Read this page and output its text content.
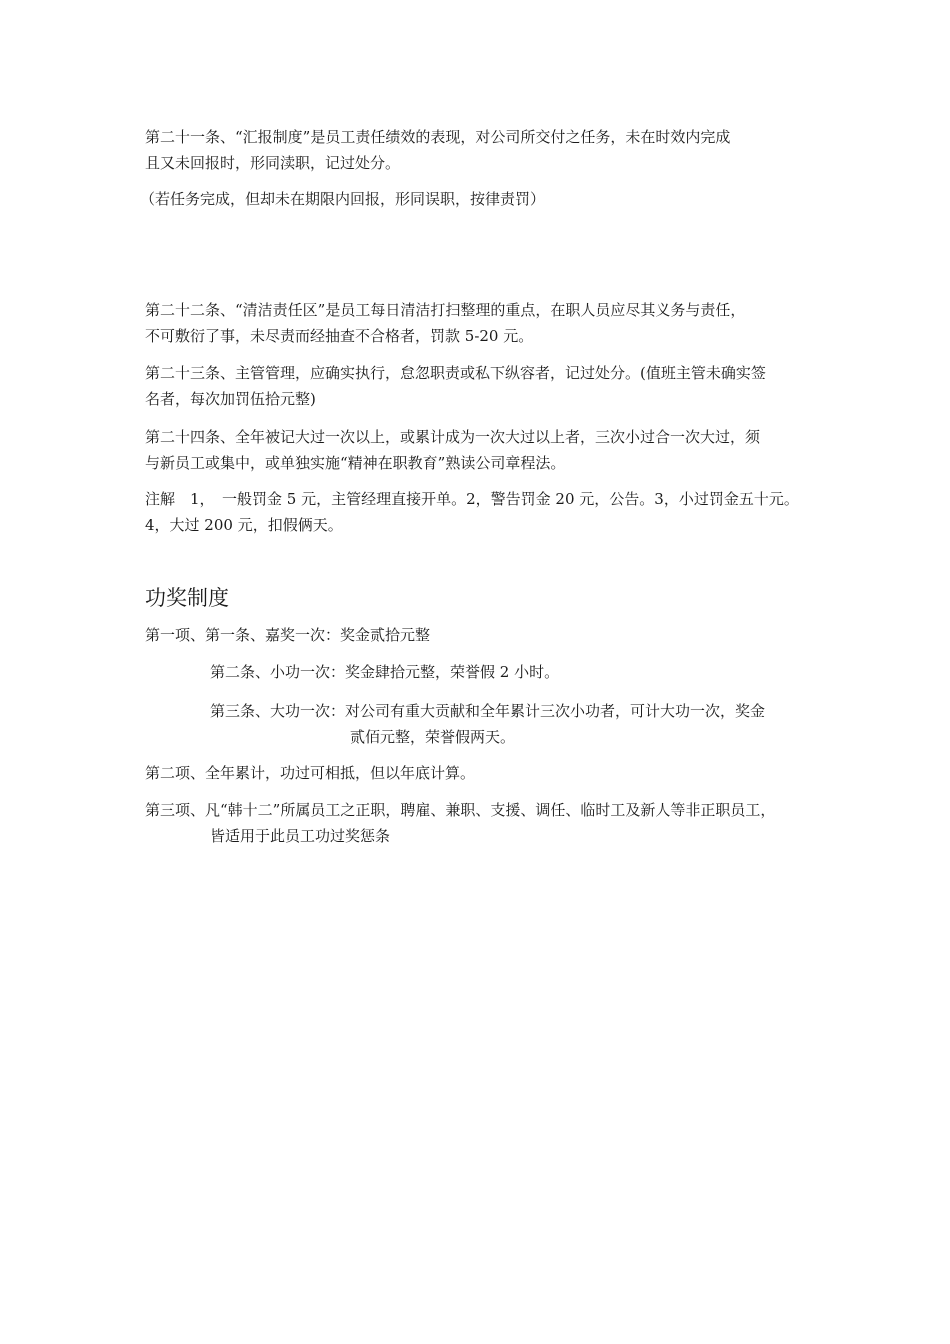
第二十一条、“汇报制度”是员工责任绩效的表现，对公司所交付之任务，未在时效内完成
且又未回报时，形同渎职，记过处分。

（若任务完成，但却未在期限内回报，形同误职，按律责罚）

第二十二条、“清洁责任区”是员工每日清洁打扫整理的重点，在职人员应尽其义务与责任，
不可敷衍了事，未尽责而经抽查不合格者，罚款 5-20 元。

第二十三条、主管管理，应确实执行，怠忽职责或私下纵容者，记过处分。(值班主管未确实签
名者，每次加罚伍拾元整)

第二十四条、全年被记大过一次以上，或累计成为一次大过以上者，三次小过合一次大过，须
与新员工或集中，或单独实施“精神在职教育”熟读公司章程法。

注解　1，　一般罚金 5 元，主管经理直接开单。2，警告罚金 20 元，公告。3，小过罚金五十元。
4，大过 200 元，扣假俩天。

功奖制度

第一项、第一条、嘉奖一次：奖金贰拾元整

第二条、小功一次：奖金肆拾元整，荣誉假 2 小时。

第三条、大功一次：对公司有重大贡献和全年累计三次小功者，可计大功一次，奖金
贰佰元整，荣誉假两天。

第二项、全年累计，功过可相抵，但以年底计算。

第三项、凡“韩十二”所属员工之正职，聘雇、兼职、支援、调任、临时工及新人等非正职员工，
皆适用于此员工功过奖惩条
